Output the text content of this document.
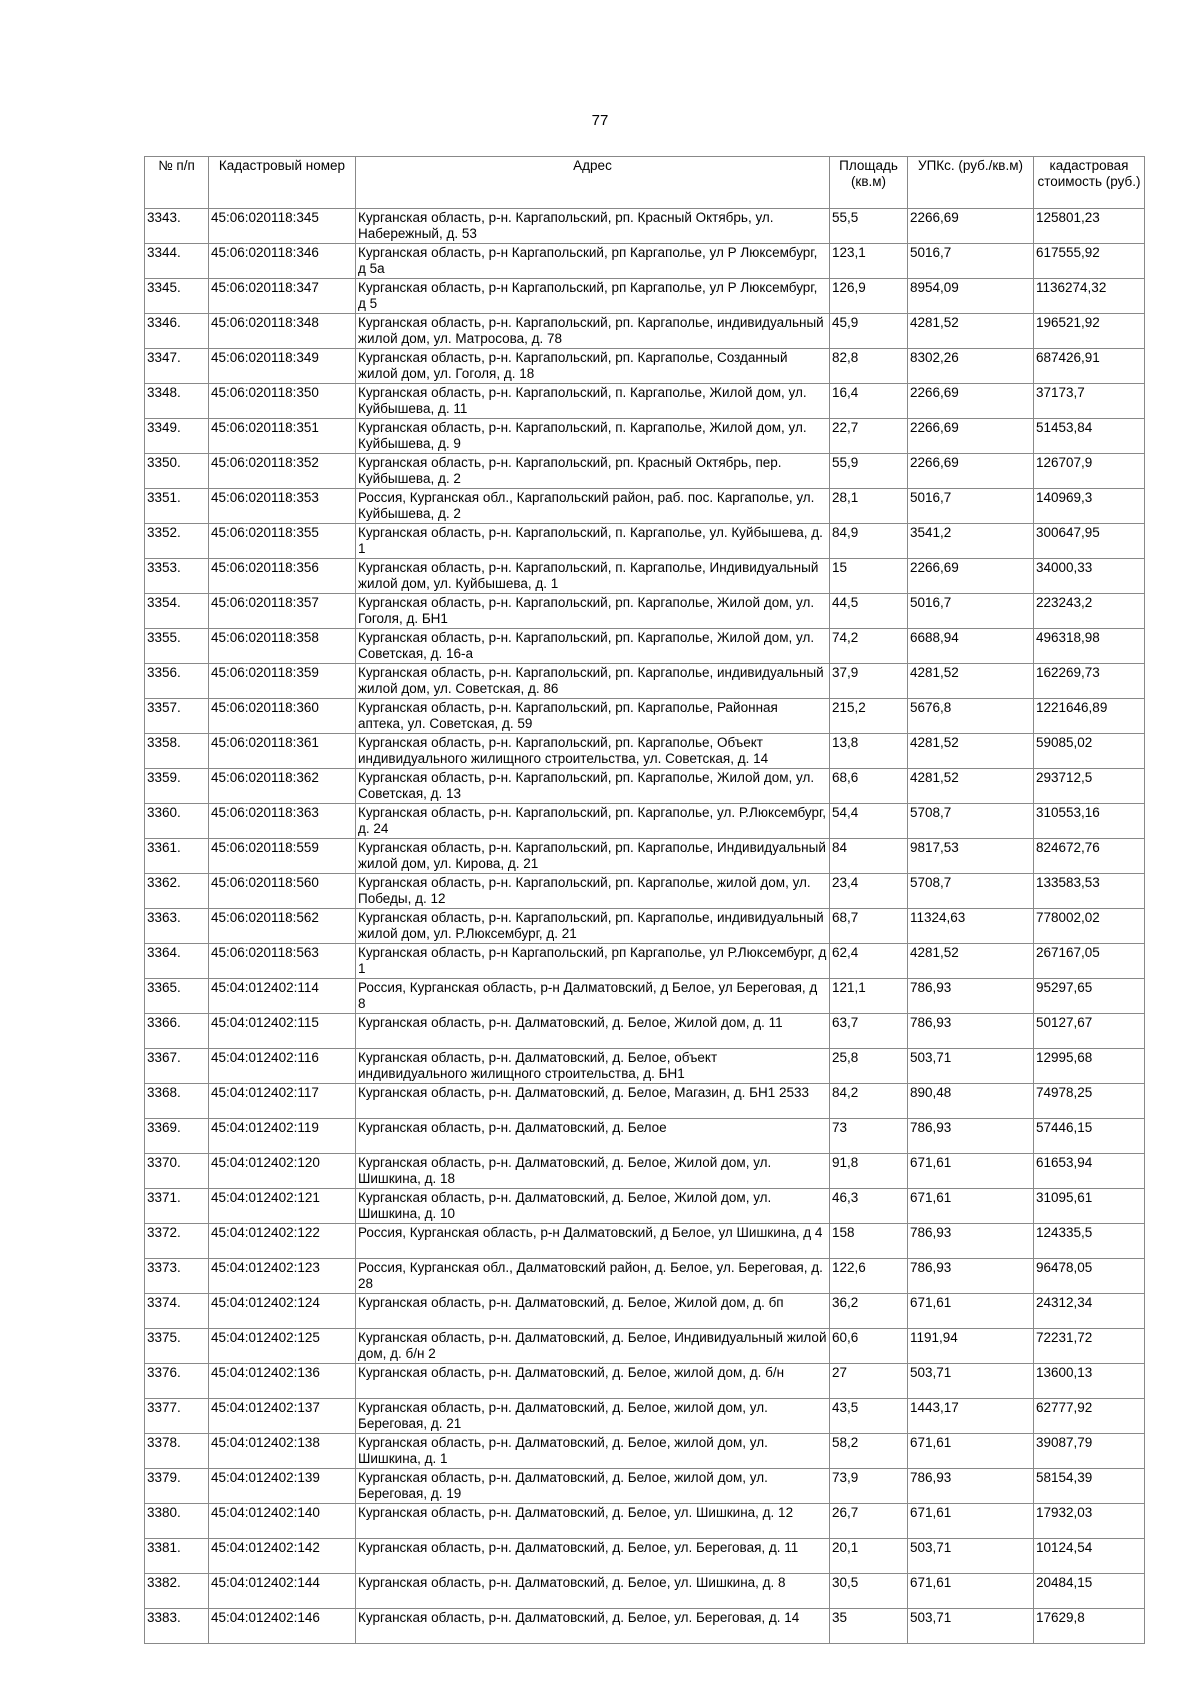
77
№ п/п	Кадастровый номер	Адрес	Площадь (кв.м)	УПКс. (руб./кв.м)	кадастровая стоимость (руб.)
3343.	45:06:020118:345	Курганская область, р-н. Каргапольский, рп. Красный Октябрь, ул. Набережный, д. 53	55,5	2266,69	125801,23
3344.	45:06:020118:346	Курганская область, р-н Каргапольский, рп Каргаполье, ул Р Люксембург, д 5а	123,1	5016,7	617555,92
3345.	45:06:020118:347	Курганская область, р-н Каргапольский, рп Каргаполье, ул Р Люксембург, д 5	126,9	8954,09	1136274,32
3346.	45:06:020118:348	Курганская область, р-н. Каргапольский, рп. Каргаполье, индивидуальный жилой дом, ул. Матросова, д. 78	45,9	4281,52	196521,92
3347.	45:06:020118:349	Курганская область, р-н. Каргапольский, рп. Каргаполье, Созданный жилой дом, ул. Гоголя, д. 18	82,8	8302,26	687426,91
3348.	45:06:020118:350	Курганская область, р-н. Каргапольский, п. Каргаполье, Жилой дом, ул. Куйбышева, д. 11	16,4	2266,69	37173,7
3349.	45:06:020118:351	Курганская область, р-н. Каргапольский, п. Каргаполье, Жилой дом, ул. Куйбышева, д. 9	22,7	2266,69	51453,84
3350.	45:06:020118:352	Курганская область, р-н. Каргапольский, рп. Красный Октябрь, пер. Куйбышева, д. 2	55,9	2266,69	126707,9
3351.	45:06:020118:353	Россия, Курганская обл., Каргапольский район, раб. пос. Каргаполье, ул. Куйбышева, д. 2	28,1	5016,7	140969,3
3352.	45:06:020118:355	Курганская область, р-н. Каргапольский, п. Каргаполье, ул. Куйбышева, д. 1	84,9	3541,2	300647,95
3353.	45:06:020118:356	Курганская область, р-н. Каргапольский, п. Каргаполье, Индивидуальный жилой дом, ул. Куйбышева, д. 1	15	2266,69	34000,33
3354.	45:06:020118:357	Курганская область, р-н. Каргапольский, рп. Каргаполье, Жилой дом, ул. Гоголя, д. БН1	44,5	5016,7	223243,2
3355.	45:06:020118:358	Курганская область, р-н. Каргапольский, рп. Каргаполье, Жилой дом, ул. Советская, д. 16-а	74,2	6688,94	496318,98
3356.	45:06:020118:359	Курганская область, р-н. Каргапольский, рп. Каргаполье, индивидуальный жилой дом, ул. Советская, д. 86	37,9	4281,52	162269,73
3357.	45:06:020118:360	Курганская область, р-н. Каргапольский, рп. Каргаполье, Районная аптека, ул. Советская, д. 59	215,2	5676,8	1221646,89
3358.	45:06:020118:361	Курганская область, р-н. Каргапольский, рп. Каргаполье, Объект индивидуального жилищного строительства, ул. Советская, д. 14	13,8	4281,52	59085,02
3359.	45:06:020118:362	Курганская область, р-н. Каргапольский, рп. Каргаполье, Жилой дом, ул. Советская, д. 13	68,6	4281,52	293712,5
3360.	45:06:020118:363	Курганская область, р-н. Каргапольский, рп. Каргаполье, ул. Р.Люксембург, д. 24	54,4	5708,7	310553,16
3361.	45:06:020118:559	Курганская область, р-н. Каргапольский, рп. Каргаполье, Индивидуальный жилой дом, ул. Кирова, д. 21	84	9817,53	824672,76
3362.	45:06:020118:560	Курганская область, р-н. Каргапольский, рп. Каргаполье, жилой дом, ул. Победы, д. 12	23,4	5708,7	133583,53
3363.	45:06:020118:562	Курганская область, р-н. Каргапольский, рп. Каргаполье, индивидуальный жилой дом, ул. Р.Люксембург, д. 21	68,7	11324,63	778002,02
3364.	45:06:020118:563	Курганская область, р-н Каргапольский, рп Каргаполье, ул Р.Люксембург, д 1	62,4	4281,52	267167,05
3365.	45:04:012402:114	Россия, Курганская область, р-н Далматовский, д Белое, ул Береговая, д 8	121,1	786,93	95297,65
3366.	45:04:012402:115	Курганская область, р-н. Далматовский, д. Белое, Жилой дом, д. 11	63,7	786,93	50127,67
3367.	45:04:012402:116	Курганская область, р-н. Далматовский, д. Белое, объект индивидуального жилищного строительства, д. БН1	25,8	503,71	12995,68
3368.	45:04:012402:117	Курганская область, р-н. Далматовский, д. Белое, Магазин, д. БН1 2533	84,2	890,48	74978,25
3369.	45:04:012402:119	Курганская область, р-н. Далматовский, д. Белое	73	786,93	57446,15
3370.	45:04:012402:120	Курганская область, р-н. Далматовский, д. Белое, Жилой дом, ул. Шишкина, д. 18	91,8	671,61	61653,94
3371.	45:04:012402:121	Курганская область, р-н. Далматовский, д. Белое, Жилой дом, ул. Шишкина, д. 10	46,3	671,61	31095,61
3372.	45:04:012402:122	Россия, Курганская область, р-н Далматовский, д Белое, ул Шишкина, д 4	158	786,93	124335,5
3373.	45:04:012402:123	Россия, Курганская обл., Далматовский район, д. Белое, ул. Береговая, д. 28	122,6	786,93	96478,05
3374.	45:04:012402:124	Курганская область, р-н. Далматовский, д. Белое, Жилой дом, д. бп	36,2	671,61	24312,34
3375.	45:04:012402:125	Курганская область, р-н. Далматовский, д. Белое, Индивидуальный жилой дом, д. б/н 2	60,6	1191,94	72231,72
3376.	45:04:012402:136	Курганская область, р-н. Далматовский, д. Белое, жилой дом, д. б/н	27	503,71	13600,13
3377.	45:04:012402:137	Курганская область, р-н. Далматовский, д. Белое, жилой дом, ул. Береговая, д. 21	43,5	1443,17	62777,92
3378.	45:04:012402:138	Курганская область, р-н. Далматовский, д. Белое, жилой дом, ул. Шишкина, д. 1	58,2	671,61	39087,79
3379.	45:04:012402:139	Курганская область, р-н. Далматовский, д. Белое, жилой дом, ул. Береговая, д. 19	73,9	786,93	58154,39
3380.	45:04:012402:140	Курганская область, р-н. Далматовский, д. Белое, ул. Шишкина, д. 12	26,7	671,61	17932,03
3381.	45:04:012402:142	Курганская область, р-н. Далматовский, д. Белое, ул. Береговая, д. 11	20,1	503,71	10124,54
3382.	45:04:012402:144	Курганская область, р-н. Далматовский, д. Белое, ул. Шишкина, д. 8	30,5	671,61	20484,15
3383.	45:04:012402:146	Курганская область, р-н. Далматовский, д. Белое, ул. Береговая, д. 14	35	503,71	17629,8
